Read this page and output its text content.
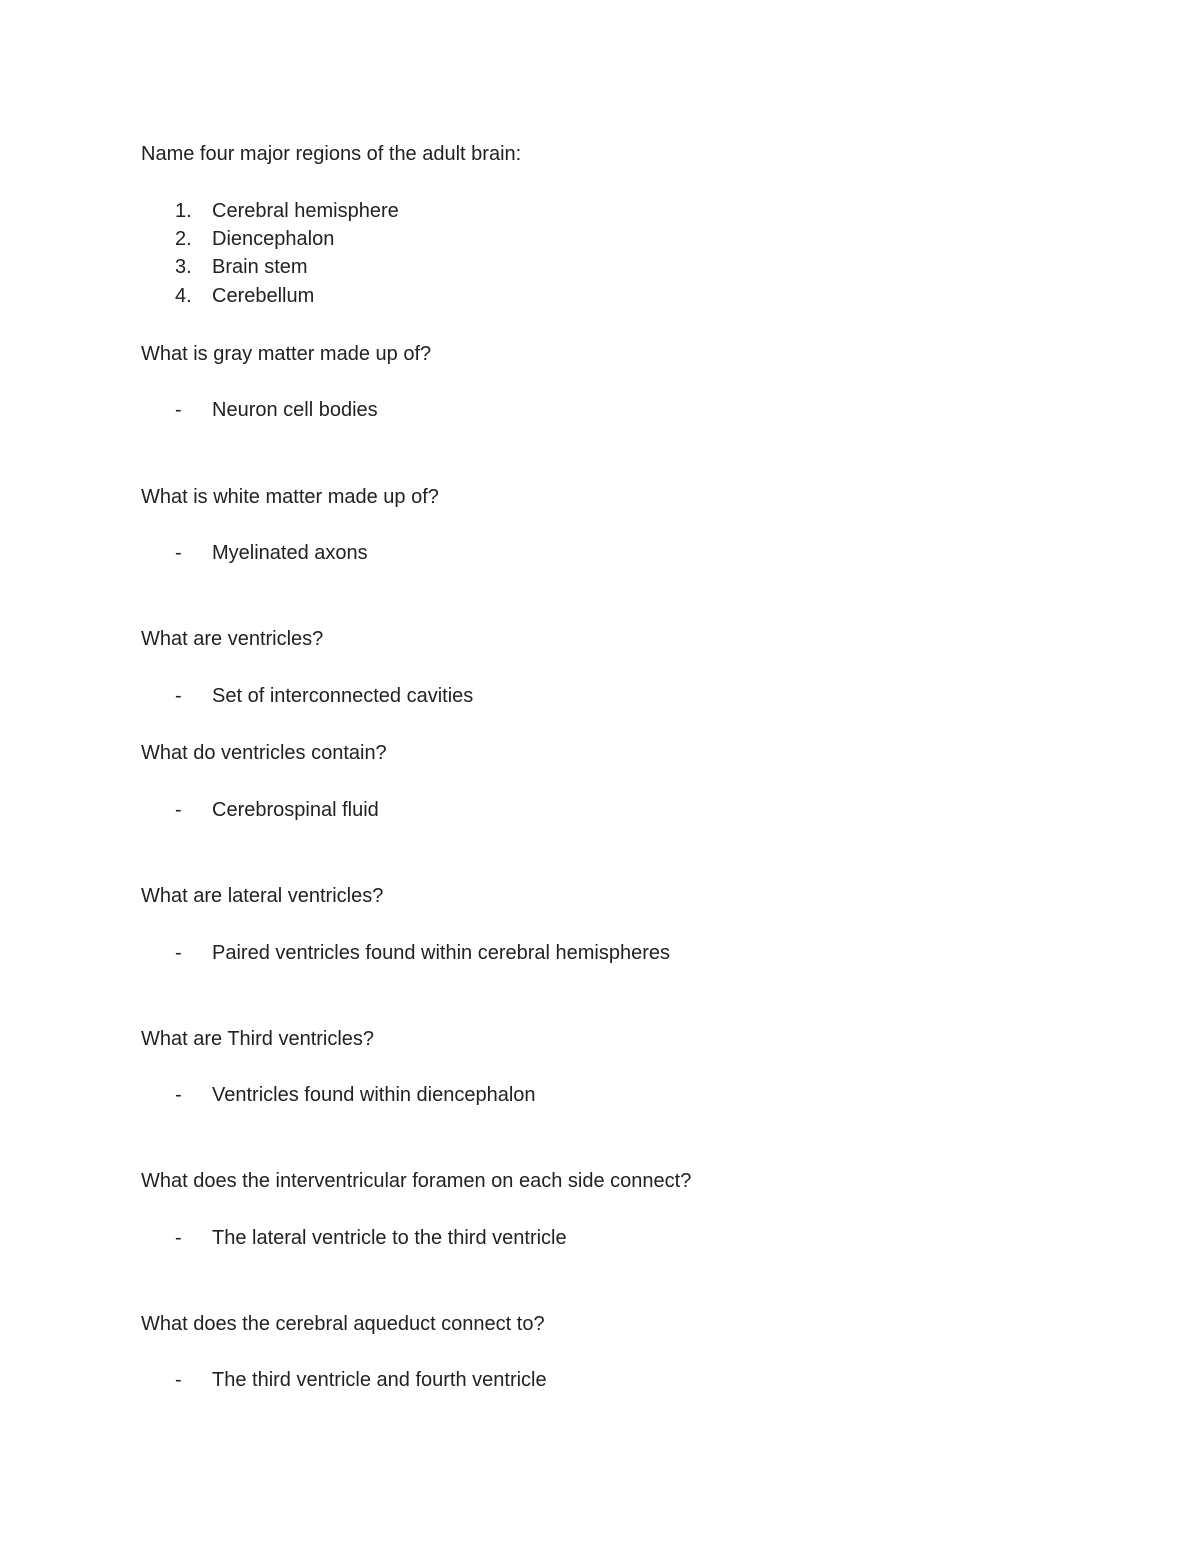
Name four major regions of the adult brain:
1. Cerebral hemisphere
2. Diencephalon
3. Brain stem
4. Cerebellum
What is gray matter made up of?
- Neuron cell bodies
What is white matter made up of?
- Myelinated axons
What are ventricles?
- Set of interconnected cavities
What do ventricles contain?
- Cerebrospinal fluid
What are lateral ventricles?
- Paired ventricles found within cerebral hemispheres
What are Third ventricles?
- Ventricles found within diencephalon
What does the interventricular foramen on each side connect?
- The lateral ventricle to the third ventricle
What does the cerebral aqueduct connect to?
- The third ventricle and fourth ventricle
